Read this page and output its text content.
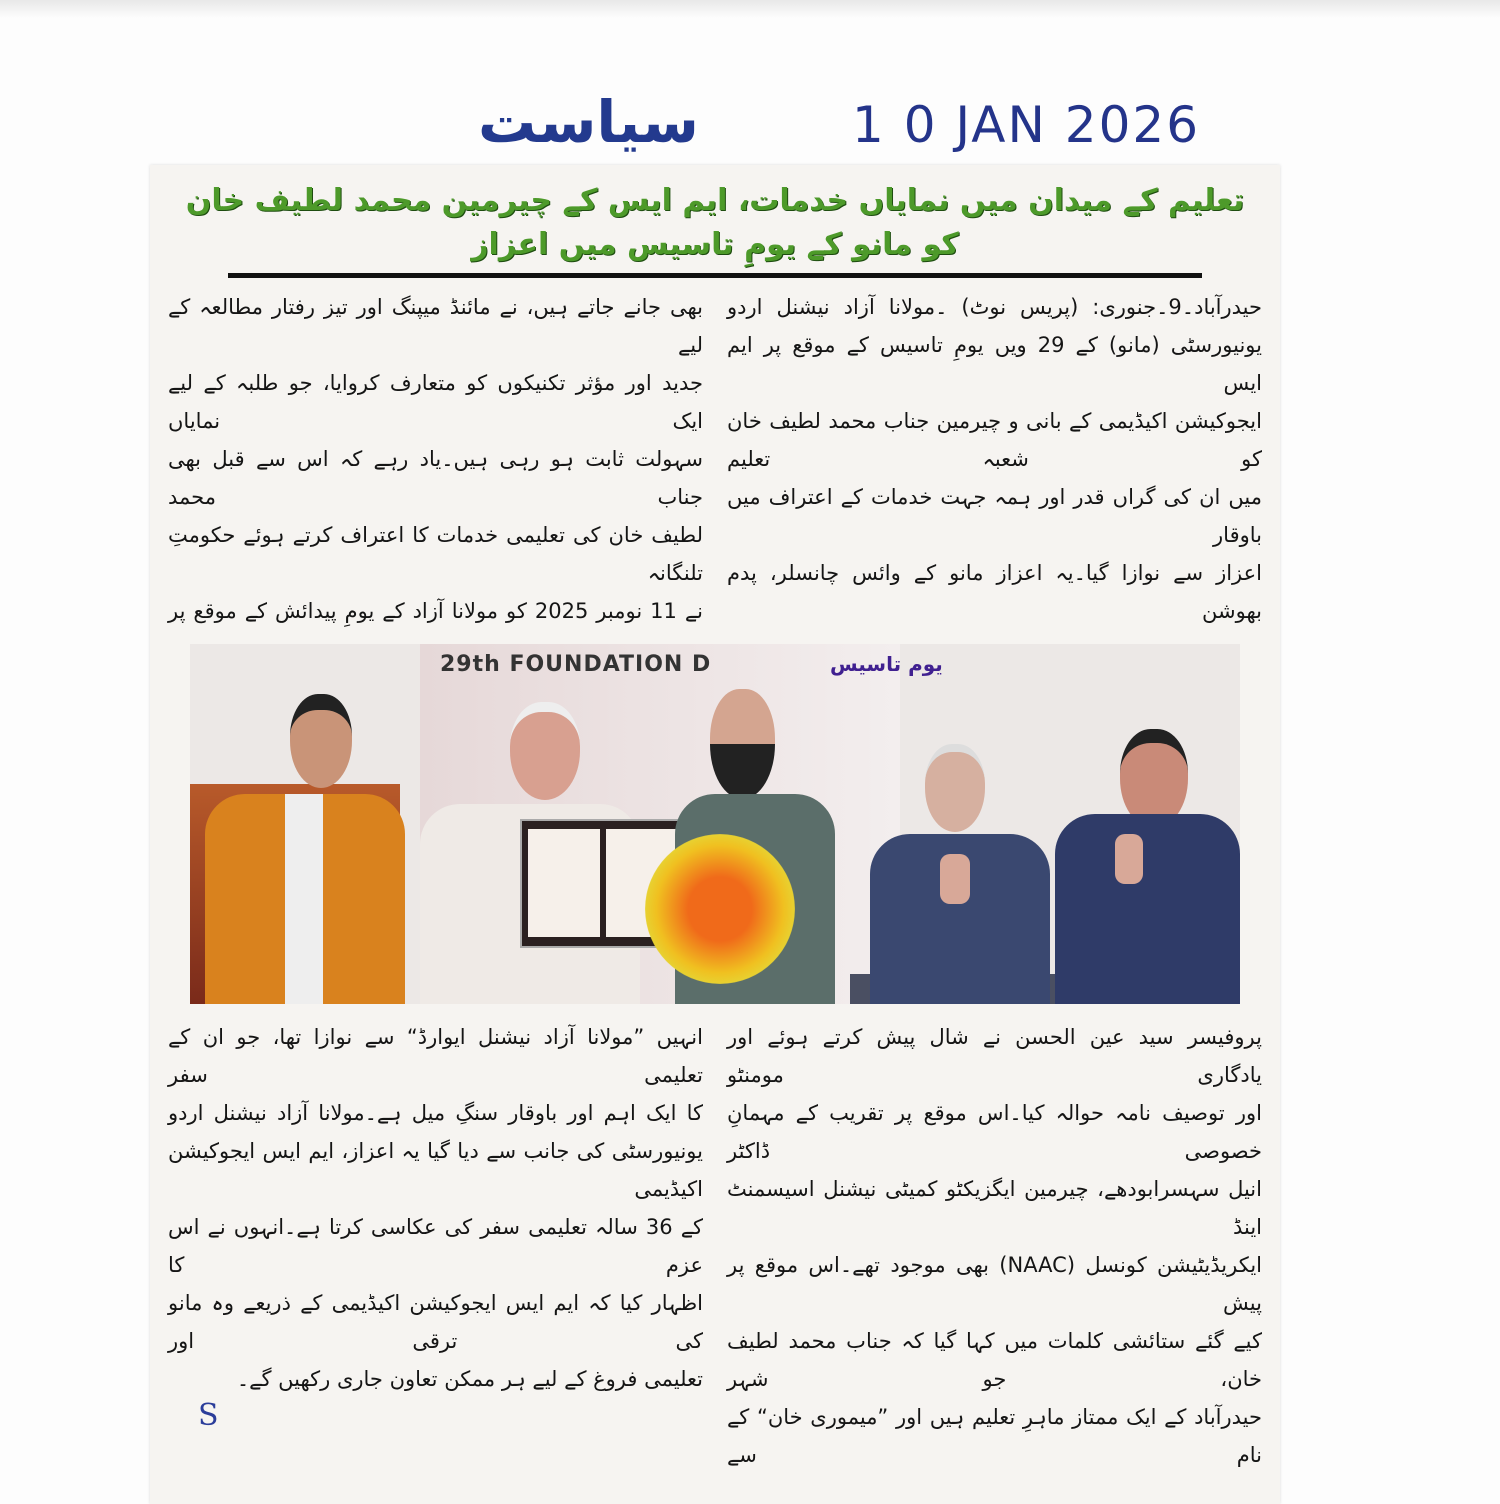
سیاست	1 0 JAN 2026
تعلیم کے میدان میں نمایاں خدمات، ایم ایس کے چیرمین محمد لطیف خان کو مانو کے یومِ تاسیس میں اعزاز
حیدرآباد۔9۔جنوری: (پریس نوٹ) ۔مولانا آزاد نیشنل اردو
یونیورسٹی (مانو) کے 29 ویں یومِ تاسیس کے موقع پر ایم ایس
ایجوکیشن اکیڈیمی کے بانی و چیرمین جناب محمد لطیف خان کو شعبہ تعلیم
میں ان کی گراں قدر اور ہمہ جہت خدمات کے اعتراف میں باوقار
اعزاز سے نوازا گیا۔یہ اعزاز مانو کے وائس چانسلر، پدم بھوشن
بھی جانے جاتے ہیں، نے مائنڈ میپنگ اور تیز رفتار مطالعہ کے لیے
جدید اور مؤثر تکنیکوں کو متعارف کروایا، جو طلبہ کے لیے ایک نمایاں
سہولت ثابت ہو رہی ہیں۔یاد رہے کہ اس سے قبل بھی جناب محمد
لطیف خان کی تعلیمی خدمات کا اعتراف کرتے ہوئے حکومتِ تلنگانہ
نے 11 نومبر 2025 کو مولانا آزاد کے یومِ پیدائش کے موقع پر
29th FOUNDATION D	یوم تاسیس
پروفیسر سید عین الحسن نے شال پیش کرتے ہوئے اور یادگاری مومنٹو
اور توصیف نامہ حوالہ کیا۔اس موقع پر تقریب کے مہمانِ خصوصی ڈاکٹر
انیل سہسرابودھے، چیرمین ایگزیکٹو کمیٹی نیشنل اسیسمنٹ اینڈ
ایکریڈیٹیشن کونسل (NAAC) بھی موجود تھے۔اس موقع پر پیش
کیے گئے ستائشی کلمات میں کہا گیا کہ جناب محمد لطیف خان، جو شہر
حیدرآباد کے ایک ممتاز ماہرِ تعلیم ہیں اور ”میموری خان“ کے نام سے
انہیں ”مولانا آزاد نیشنل ایوارڈ“ سے نوازا تھا، جو ان کے تعلیمی سفر
کا ایک اہم اور باوقار سنگِ میل ہے۔مولانا آزاد نیشنل اردو
یونیورسٹی کی جانب سے دیا گیا یہ اعزاز، ایم ایس ایجوکیشن اکیڈیمی
کے 36 سالہ تعلیمی سفر کی عکاسی کرتا ہے۔انہوں نے اس عزم کا
اظہار کیا کہ ایم ایس ایجوکیشن اکیڈیمی کے ذریعے وہ مانو کی ترقی اور
تعلیمی فروغ کے لیے ہر ممکن تعاون جاری رکھیں گے۔
S
